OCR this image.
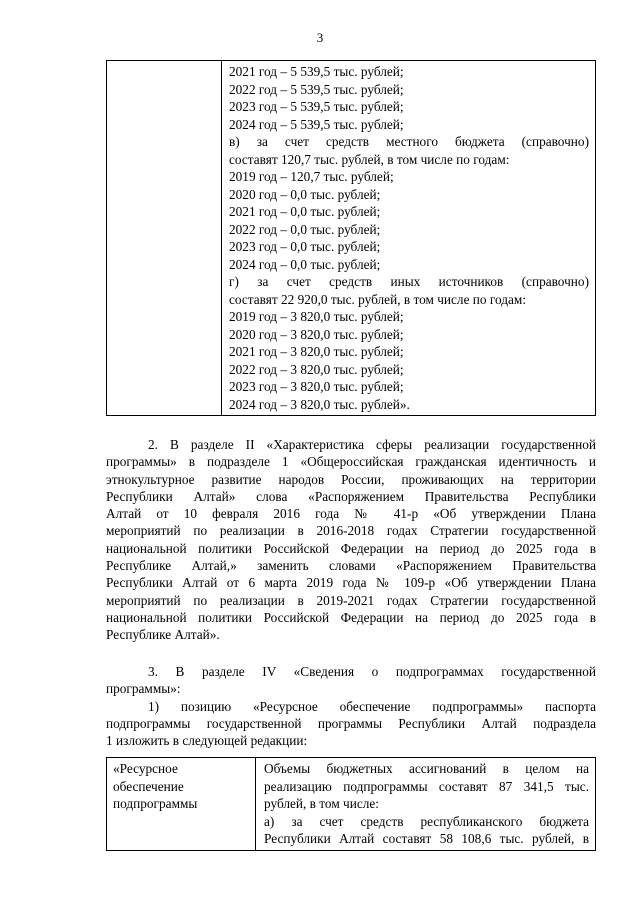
3

2021 год – 5 539,5 тыс. рублей;
2022 год – 5 539,5 тыс. рублей;
2023 год – 5 539,5 тыс. рублей;
2024 год – 5 539,5 тыс. рублей;
в) за счет средств местного бюджета (справочно)
составят 120,7 тыс. рублей, в том числе по годам:
2019 год – 120,7 тыс. рублей;
2020 год – 0,0 тыс. рублей;
2021 год – 0,0 тыс. рублей;
2022 год – 0,0 тыс. рублей;
2023 год – 0,0 тыс. рублей;
2024 год – 0,0 тыс. рублей;
г) за счет средств иных источников (справочно)
составят 22 920,0 тыс. рублей, в том числе по годам:
2019 год – 3 820,0 тыс. рублей;
2020 год – 3 820,0 тыс. рублей;
2021 год – 3 820,0 тыс. рублей;
2022 год – 3 820,0 тыс. рублей;
2023 год – 3 820,0 тыс. рублей;
2024 год – 3 820,0 тыс. рублей».
2. В разделе II «Характеристика сферы реализации государственной
программы» в подразделе 1 «Общероссийская гражданская идентичность и
этнокультурное развитие народов России, проживающих на территории
Республики Алтай» слова «Распоряжением Правительства Республики
Алтай от 10 февраля 2016 года № 41-р «Об утверждении Плана
мероприятий по реализации в 2016-2018 годах Стратегии государственной
национальной политики Российской Федерации на период до 2025 года в
Республике Алтай,» заменить словами «Распоряжением Правительства
Республики Алтай от 6 марта 2019 года № 109-р «Об утверждении Плана
мероприятий по реализации в 2019-2021 годах Стратегии государственной
национальной политики Российской Федерации на период до 2025 года в
Республике Алтай».
3. В разделе IV «Сведения о подпрограммах государственной
программы»:
1) позицию «Ресурсное обеспечение подпрограммы» паспорта
подпрограммы государственной программы Республики Алтай подраздела
1 изложить в следующей редакции:
«Ресурсное
обеспечение
подпрограммы

Объемы бюджетных ассигнований в целом на
реализацию подпрограммы составят 87 341,5 тыс.
рублей, в том числе:
а) за счет средств республиканского бюджета
Республики Алтай составят 58 108,6 тыс. рублей, в
